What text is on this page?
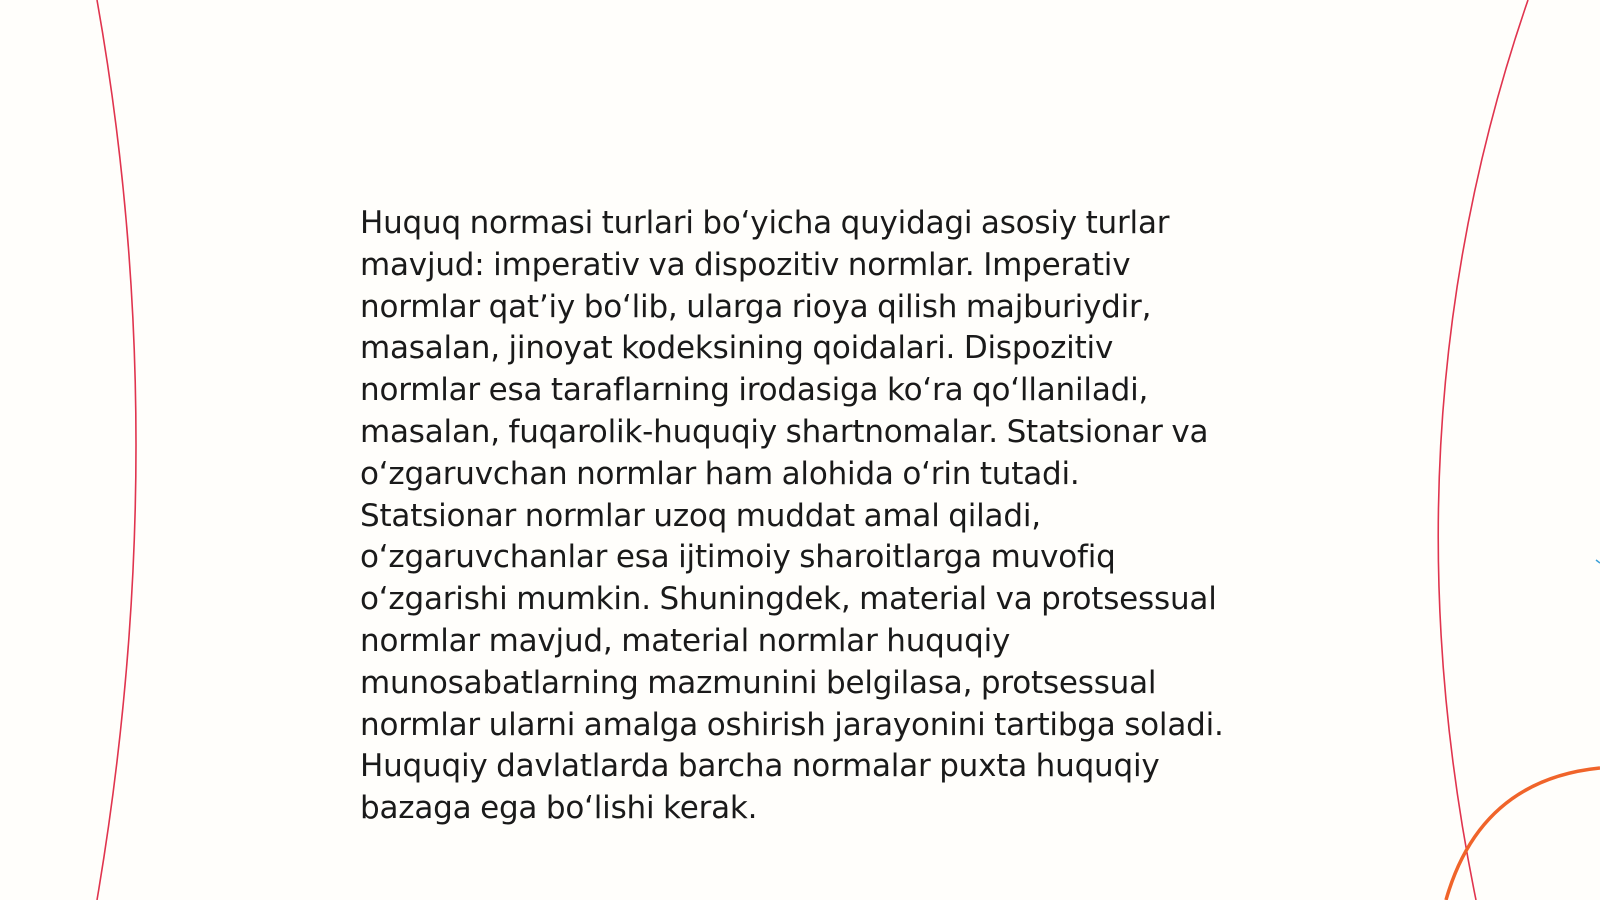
Huquq normasi turlari bo‘yicha quyidagi asosiy turlar mavjud: imperativ va dispozitiv normlar. Imperativ normlar qat’iy bo‘lib, ularga rioya qilish majburiydir, masalan, jinoyat kodeksining qoidalari. Dispozitiv normlar esa taraflarning irodasiga ko‘ra qo‘llaniladi, masalan, fuqarolik-huquqiy shartnomalar. Statsionar va o‘zgaruvchan normlar ham alohida o‘rin tutadi. Statsionar normlar uzoq muddat amal qiladi, o‘zgaruvchanlar esa ijtimoiy sharoitlarga muvofiq o‘zgarishi mumkin. Shuningdek, material va protsessual normlar mavjud, material normlar huquqiy munosabatlarning mazmunini belgilasa, protsessual normlar ularni amalga oshirish jarayonini tartibga soladi. Huquqiy davlatlarda barcha normalar puxta huquqiy bazaga ega bo‘lishi kerak.
